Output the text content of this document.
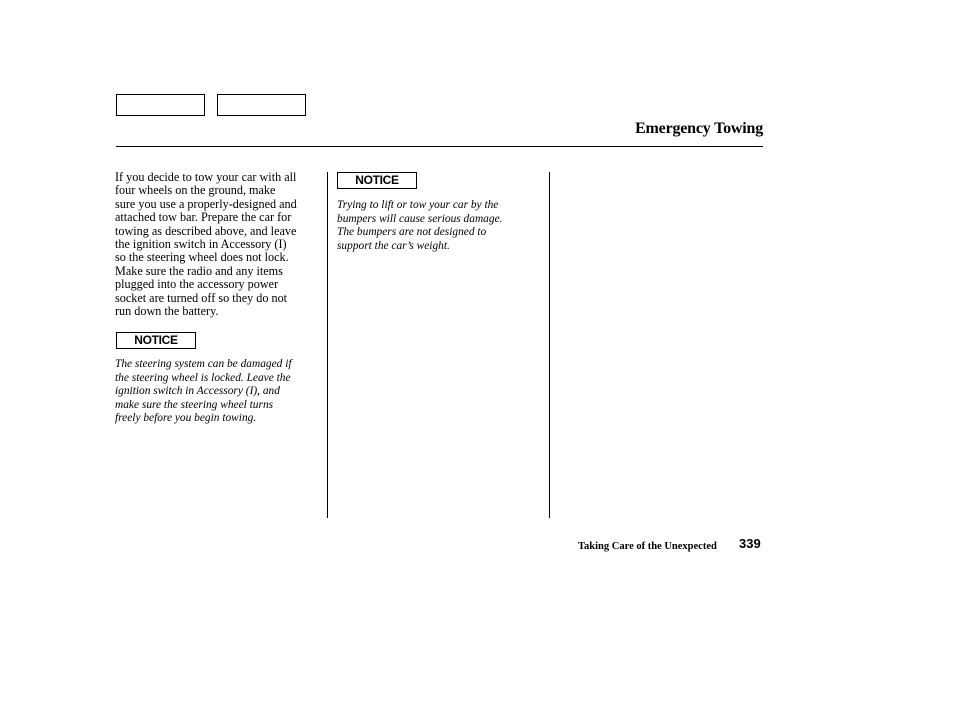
Emergency Towing

If you decide to tow your car with all
four wheels on the ground, make
sure you use a properly-designed and
attached tow bar. Prepare the car for
towing as described above, and leave
the ignition switch in Accessory (I)
so the steering wheel does not lock.
Make sure the radio and any items
plugged into the accessory power
socket are turned off so they do not
run down the battery.

NOTICE

The steering system can be damaged if
the steering wheel is locked. Leave the
ignition switch in Accessory (I), and
make sure the steering wheel turns
freely before you begin towing.

NOTICE

Trying to lift or tow your car by the
bumpers will cause serious damage.
The bumpers are not designed to
support the car’s weight.

Taking Care of the Unexpected 339
